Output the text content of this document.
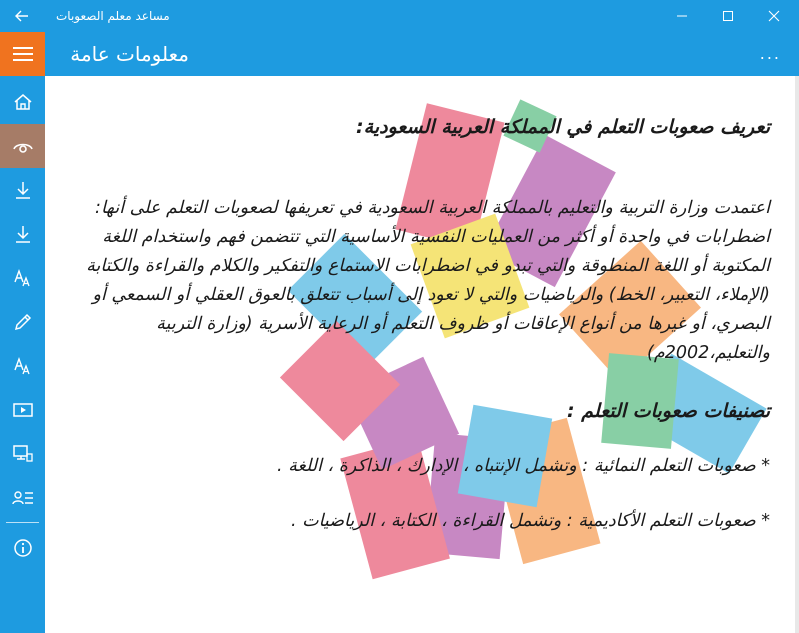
مساعد معلم الصعوبات
معلومات عامة	...

تعريف صعوبات التعلم في المملكة العربية السعودية:

اعتمدت وزارة التربية والتعليم بالمملكة العربية السعودية في تعريفها لصعوبات التعلم على أنها: اضطرابات في واحدة أو أكثر من العمليات النفسية الأساسية التي تتضمن فهم واستخدام اللغة المكتوبة أو اللغة المنطوقة والتي تبدو في اضطرابات الاستماع والتفكير والكلام والقراءة والكتابة (الإملاء، التعبير، الخط) والرياضيات والتي لا تعود إلى أسباب تتعلق بالعوق العقلي أو السمعي أو البصري، أو غيرها من أنواع الإعاقات أو ظروف التعلم أو الرعاية الأسرية (وزارة التربية والتعليم،2002م)

تصنيفات صعوبات التعلم :

* صعوبات التعلم النمائية : وتشمل الإنتباه ، الإدارك ، الذاكرة ، اللغة .

* صعوبات التعلم الأكاديمية : وتشمل القراءة ، الكتابة ، الرياضيات .
